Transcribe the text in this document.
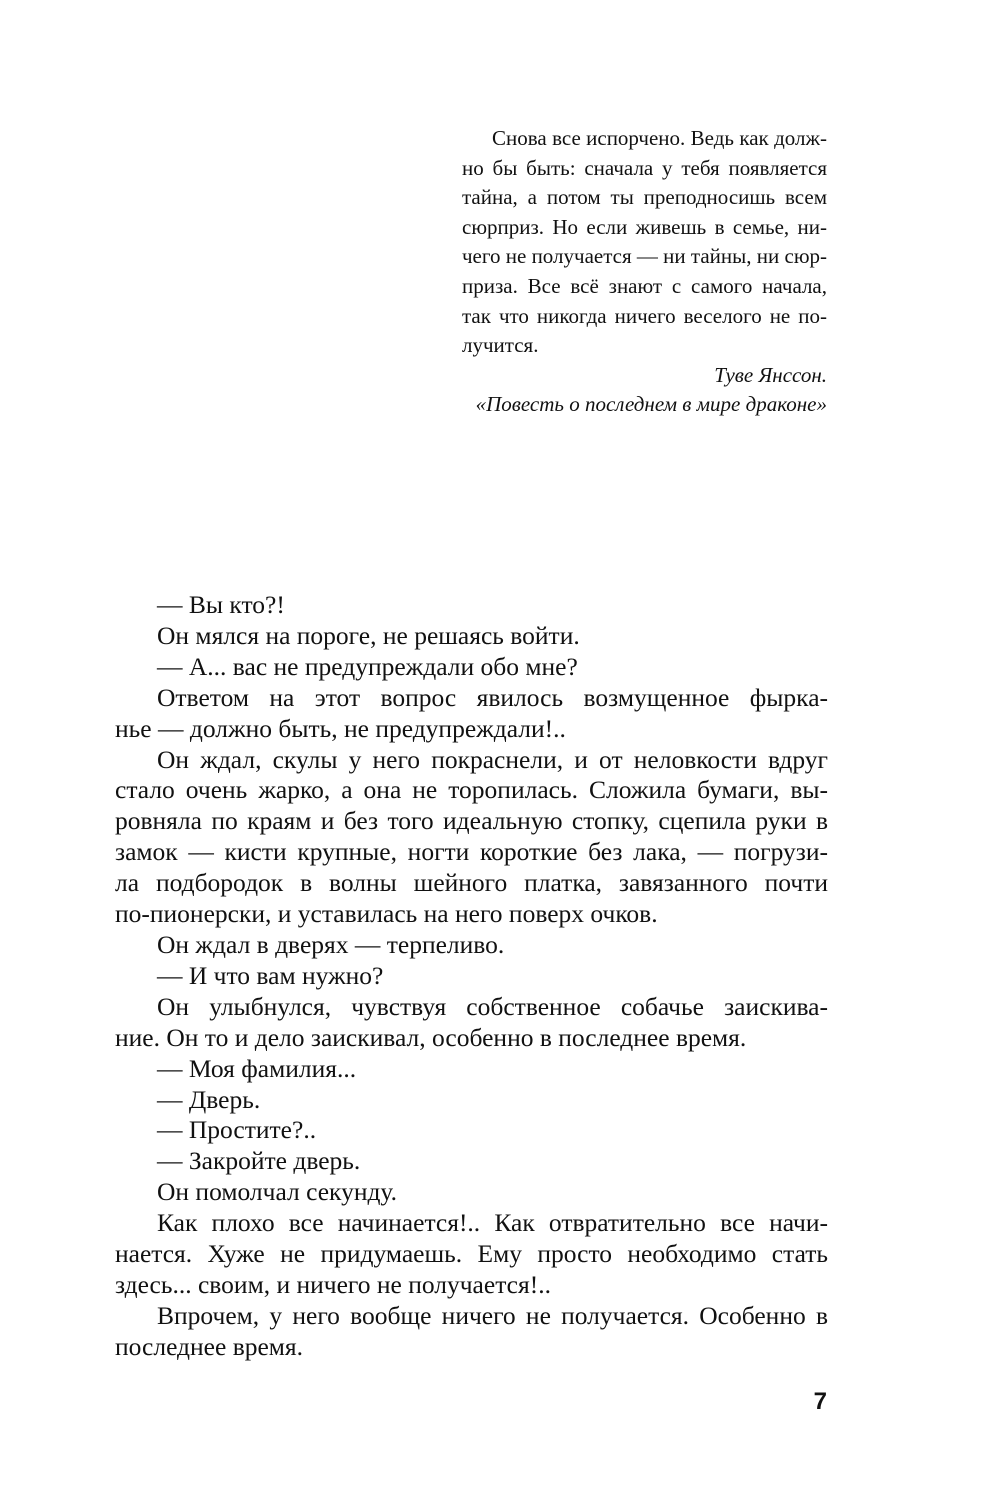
Снова все испорчено. Ведь как долж-
но бы быть: сначала у тебя появляется
тайна, а потом ты преподносишь всем
сюрприз. Но если живешь в семье, ни-
чего не получается — ни тайны, ни сюр-
приза. Все всё знают с самого начала,
так что никогда ничего веселого не по-
лучится.

Туве Янссон.

«Повесть о последнем в мире драконе»

— Вы кто?!
Он мялся на пороге, не решаясь войти.
— А... вас не предупреждали обо мне?
Ответом на этот вопрос явилось возмущенное фырка-
нье — должно быть, не предупреждали!..
Он ждал, скулы у него покраснели, и от неловкости вдруг
стало очень жарко, а она не торопилась. Сложила бумаги, вы-
ровняла по краям и без того идеальную стопку, сцепила руки в
замок — кисти крупные, ногти короткие без лака, — погрузи-
ла подбородок в волны шейного платка, завязанного почти
по-пионерски, и уставилась на него поверх очков.
Он ждал в дверях — терпеливо.
— И что вам нужно?
Он улыбнулся, чувствуя собственное собачье заискива-
ние. Он то и дело заискивал, особенно в последнее время.
— Моя фамилия...
— Дверь.
— Простите?..
— Закройте дверь.
Он помолчал секунду.
Как плохо все начинается!.. Как отвратительно все начи-
нается. Хуже не придумаешь. Ему просто необходимо стать
здесь... своим, и ничего не получается!..
Впрочем, у него вообще ничего не получается. Особенно в
последнее время.
7
